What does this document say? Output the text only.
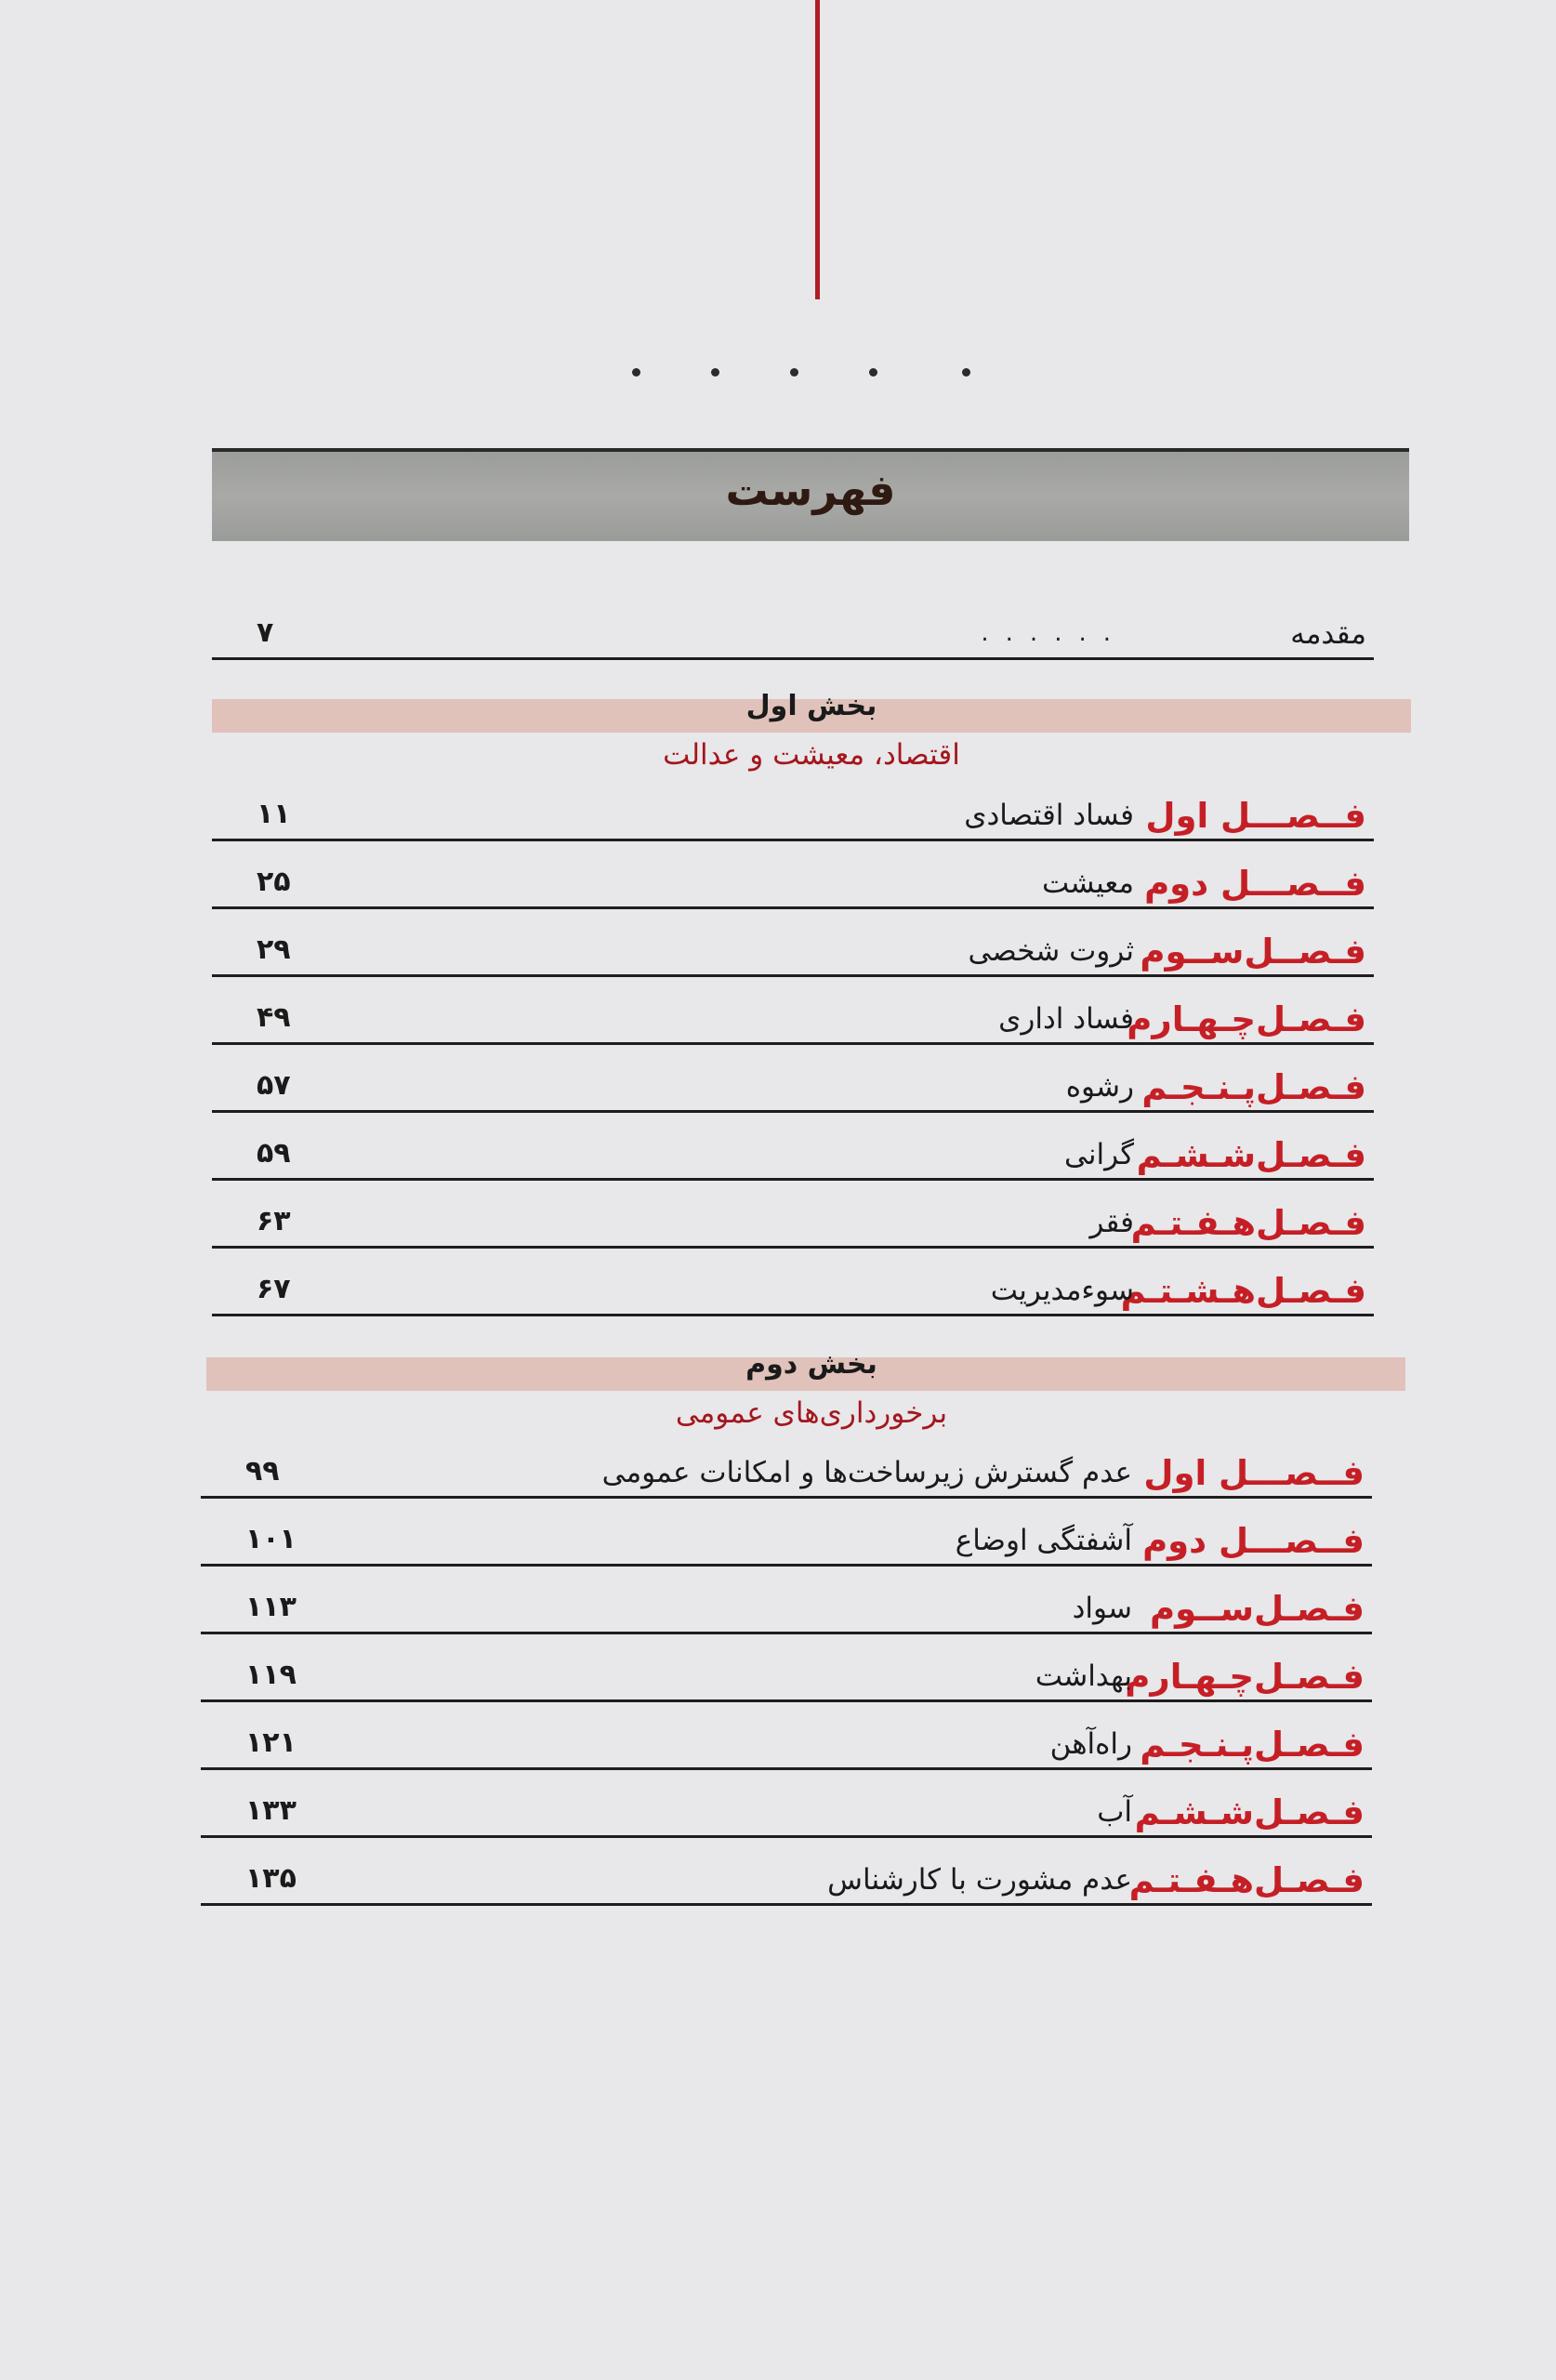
فهرست
......	مقدمه
۷
بخش اول
اقتصاد، معیشت و عدالت
فــصـــل اول
فساد اقتصادی
۱۱
فــصـــل دوم
معیشت
۲۵
فـصــل‌ســوم
ثروت شخصی
۲۹
فـصـل‌چـهـارم
فساد اداری
۴۹
فـصـل‌پـنـجـم
رشوه
۵۷
فـصـل‌شـشـم
گرانی
۵۹
فـصـل‌هـفـتـم
فقر
۶۳
فـصـل‌هـشـتـم
سوء‌مدیریت
۶۷
بخش دوم
برخورداری‌های عمومی
فــصـــل اول
عدم گسترش زیرساخت‌ها و امکانات عمومی
۹۹
فــصـــل دوم
آشفتگی اوضاع
۱۰۱
فـصـل‌ســوم
سواد
۱۱۳
فـصـل‌چـهـارم
بهداشت
۱۱۹
فـصـل‌پـنـجـم
راه‌آهن
۱۲۱
فـصـل‌شـشـم
آب
۱۳۳
فـصـل‌هـفـتـم
عدم مشورت با کارشناس
۱۳۵
